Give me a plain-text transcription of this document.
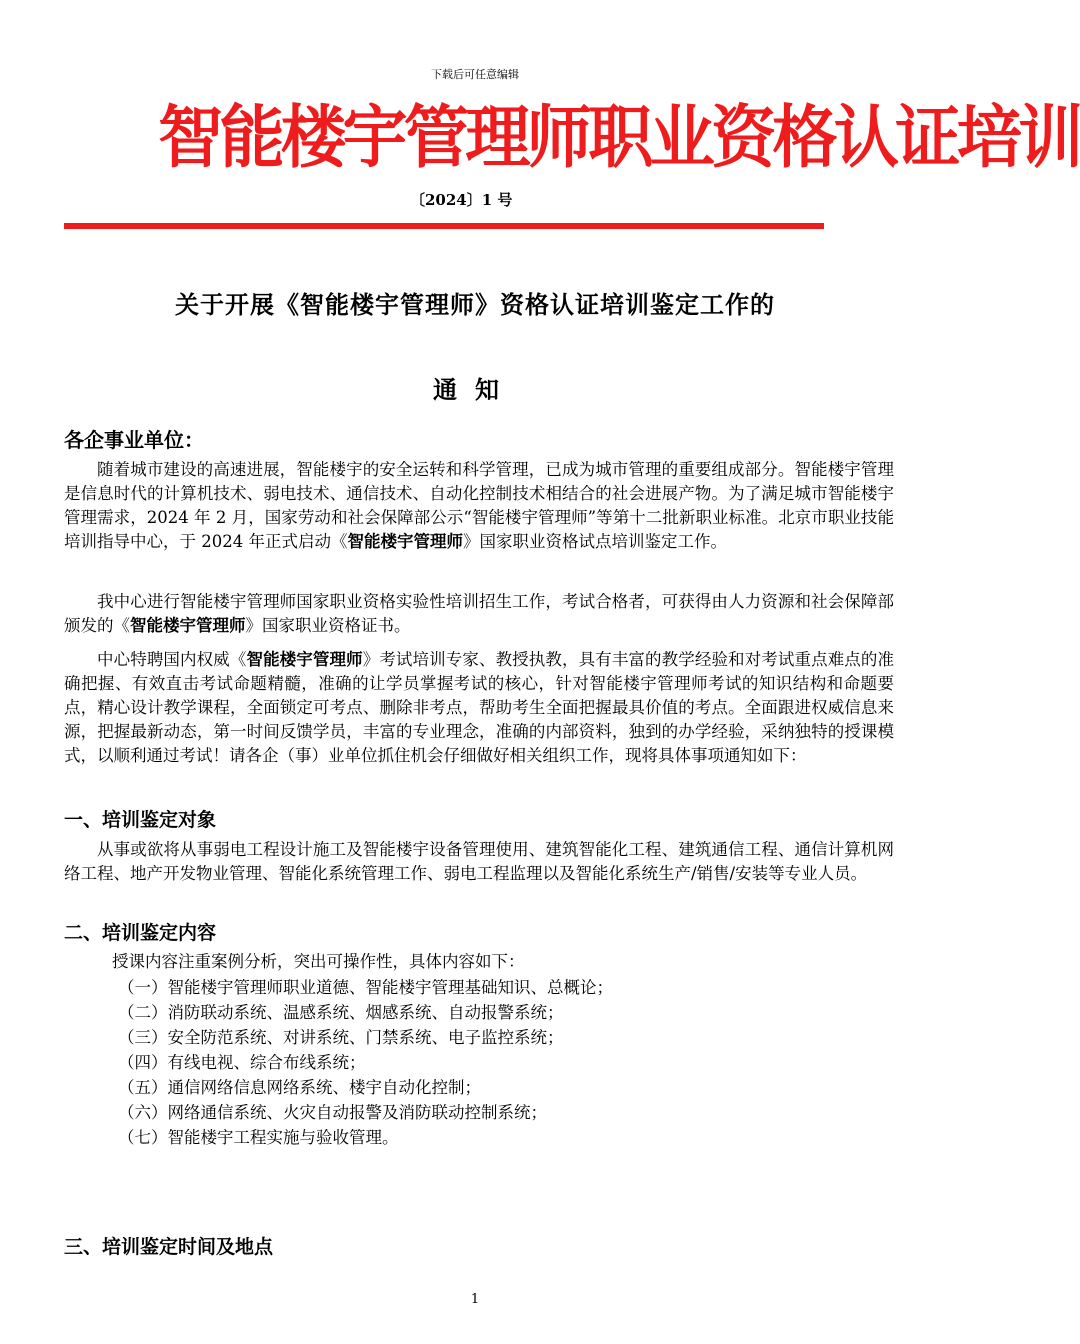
下载后可任意编辑
智能楼宇管理师职业资格认证培训
〔2024〕1 号
关于开展《智能楼宇管理师》资格认证培训鉴定工作的
通知
各企事业单位：

随着城市建设的高速进展，智能楼宇的安全运转和科学管理，已成为城市管理的重要组成部分。智能楼宇管理是信息时代的计算机技术、弱电技术、通信技术、自动化控制技术相结合的社会进展产物。为了满足城市智能楼宇管理需求，2024 年 2 月，国家劳动和社会保障部公示“智能楼宇管理师”等第十二批新职业标准。北京市职业技能培训指导中心，于 2024 年正式启动《智能楼宇管理师》国家职业资格试点培训鉴定工作。

我中心进行智能楼宇管理师国家职业资格实验性培训招生工作，考试合格者，可获得由人力资源和社会保障部颁发的《智能楼宇管理师》国家职业资格证书。

中心特聘国内权威《智能楼宇管理师》考试培训专家、教授执教，具有丰富的教学经验和对考试重点难点的准确把握、有效直击考试命题精髓，准确的让学员掌握考试的核心，针对智能楼宇管理师考试的知识结构和命题要点，精心设计教学课程，全面锁定可考点、删除非考点，帮助考生全面把握最具价值的考点。全面跟进权威信息来源，把握最新动态，第一时间反馈学员，丰富的专业理念，准确的内部资料，独到的办学经验，采纳独特的授课模式，以顺利通过考试！请各企（事）业单位抓住机会仔细做好相关组织工作，现将具体事项通知如下：

一、培训鉴定对象

从事或欲将从事弱电工程设计施工及智能楼宇设备管理使用、建筑智能化工程、建筑通信工程、通信计算机网络工程、地产开发物业管理、智能化系统管理工作、弱电工程监理以及智能化系统生产/销售/安装等专业人员。

二、培训鉴定内容
授课内容注重案例分析，突出可操作性，具体内容如下：
（一）智能楼宇管理师职业道德、智能楼宇管理基础知识、总概论；
（二）消防联动系统、温感系统、烟感系统、自动报警系统；
（三）安全防范系统、对讲系统、门禁系统、电子监控系统；
（四）有线电视、综合布线系统；
（五）通信网络信息网络系统、楼宇自动化控制；
（六）网络通信系统、火灾自动报警及消防联动控制系统；
（七）智能楼宇工程实施与验收管理。
三、培训鉴定时间及地点
1
